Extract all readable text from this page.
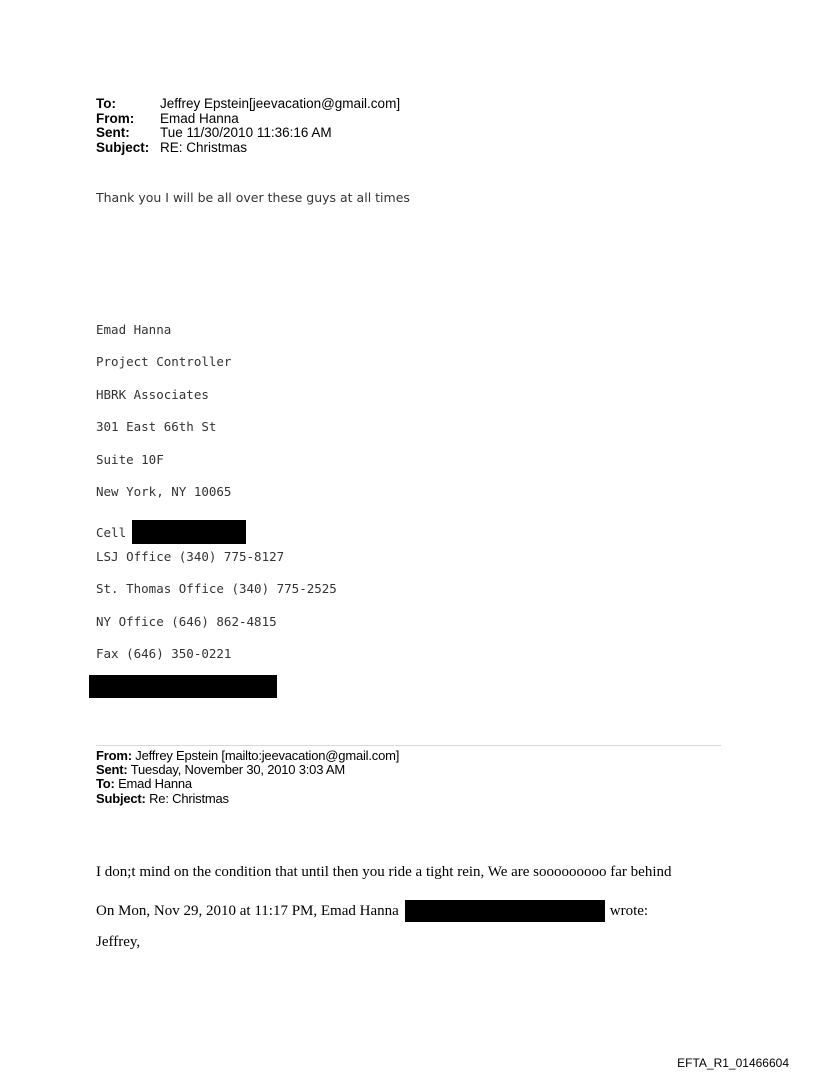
To:	Jeffrey Epstein[jeevacation@gmail.com]
From:	Emad Hanna
Sent:	Tue 11/30/2010 11:36:16 AM
Subject: RE: Christmas
Thank you I will be all over these guys at all times
Emad Hanna
Project Controller
HBRK Associates
301 East 66th St
Suite 10F
New York, NY 10065
Cell
LSJ Office (340) 775-8127
St. Thomas Office (340) 775-2525
NY Office (646) 862-4815
Fax (646) 350-0221
From: Jeffrey Epstein [mailto:jeevacation@gmail.com]
Sent: Tuesday, November 30, 2010 3:03 AM
To: Emad Hanna
Subject: Re: Christmas
I don;t mind on the condition that until then you ride a tight rein, We are sooooooooo far behind
On Mon, Nov 29, 2010 at 11:17 PM, Emad Hanna	wrote:
Jeffrey,
EFTA_R1_01466604
